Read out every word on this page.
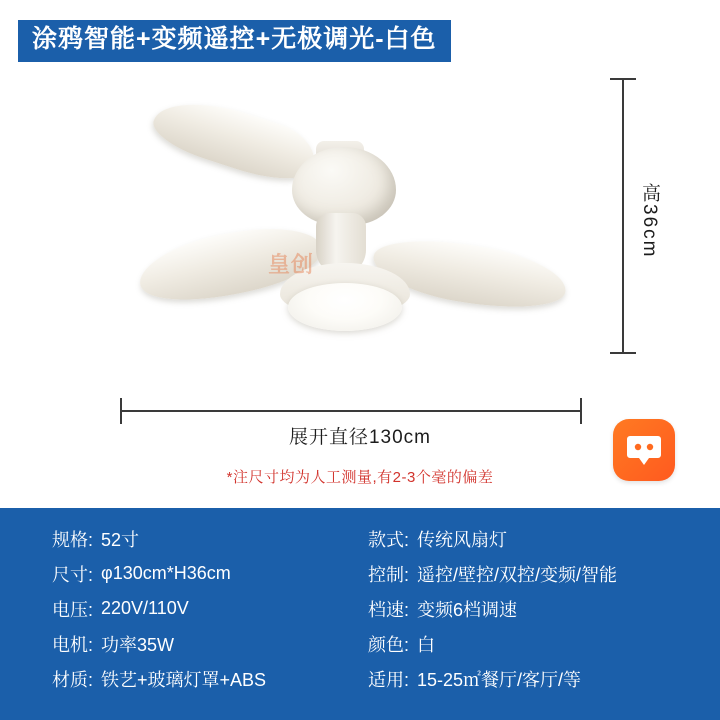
皇创
高36cm
展开直径130cm
*注尺寸均为人工测量,有2-3个毫的偏差
涂鸦智能+变频遥控+无极调光-白色
规格: 52寸	款式: 传统风扇灯
尺寸: φ130cm*H36cm	控制: 遥控/壁控/双控/变频/智能
电压: 220V/110V	档速: 变频6档调速
电机: 功率35W	颜色: 白
材质: 铁艺+玻璃灯罩+ABS	适用: 15-25㎡餐厅/客厅/等
